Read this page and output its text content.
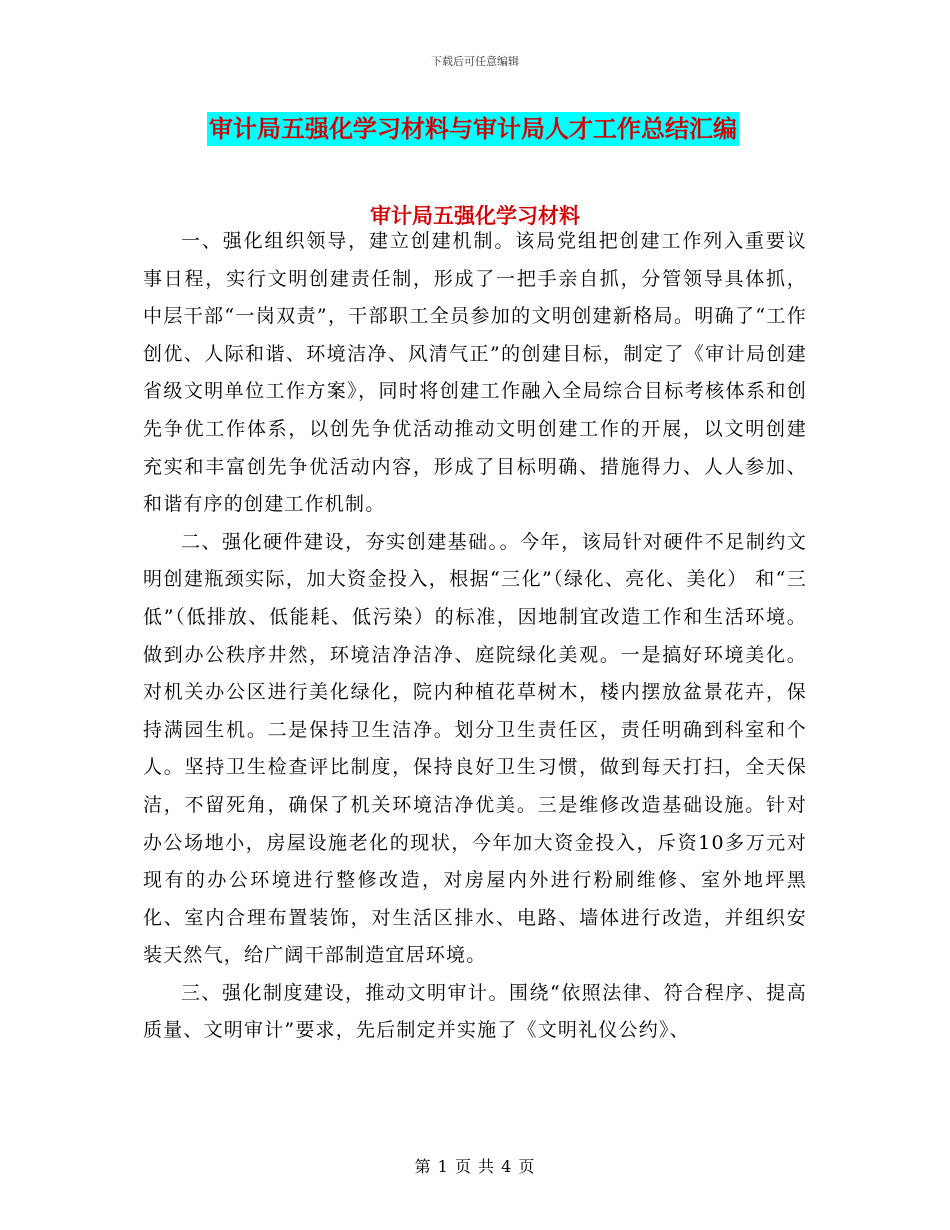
下载后可任意编辑
审计局五强化学习材料与审计局人才工作总结汇编
审计局五强化学习材料

一、强化组织领导，建立创建机制。该局党组把创建工作列入重要议事日程，实行文明创建责任制，形成了一把手亲自抓，分管领导具体抓，中层干部“一岗双责”，干部职工全员参加的文明创建新格局。明确了“工作创优、人际和谐、环境洁净、风清气正”的创建目标，制定了《审计局创建省级文明单位工作方案》，同时将创建工作融入全局综合目标考核体系和创先争优工作体系，以创先争优活动推动文明创建工作的开展，以文明创建充实和丰富创先争优活动内容，形成了目标明确、措施得力、人人参加、和谐有序的创建工作机制。

二、强化硬件建设，夯实创建基础。。今年，该局针对硬件不足制约文明创建瓶颈实际，加大资金投入，根据“三化”（绿化、亮化、美化） 和“三低”（低排放、低能耗、低污染）的标准，因地制宜改造工作和生活环境。做到办公秩序井然，环境洁净洁净、庭院绿化美观。一是搞好环境美化。对机关办公区进行美化绿化，院内种植花草树木，楼内摆放盆景花卉，保持满园生机。二是保持卫生洁净。划分卫生责任区，责任明确到科室和个人。坚持卫生检查评比制度，保持良好卫生习惯，做到每天打扫，全天保洁，不留死角，确保了机关环境洁净优美。三是维修改造基础设施。针对办公场地小，房屋设施老化的现状，今年加大资金投入，斥资10多万元对现有的办公环境进行整修改造，对房屋内外进行粉刷维修、室外地坪黑化、室内合理布置装饰，对生活区排水、电路、墙体进行改造，并组织安装天然气，给广阔干部制造宜居环境。

三、强化制度建设，推动文明审计。围绕“依照法律、符合程序、提高质量、文明审计”要求，先后制定并实施了《文明礼仪公约》、

第 1 页 共 4 页
